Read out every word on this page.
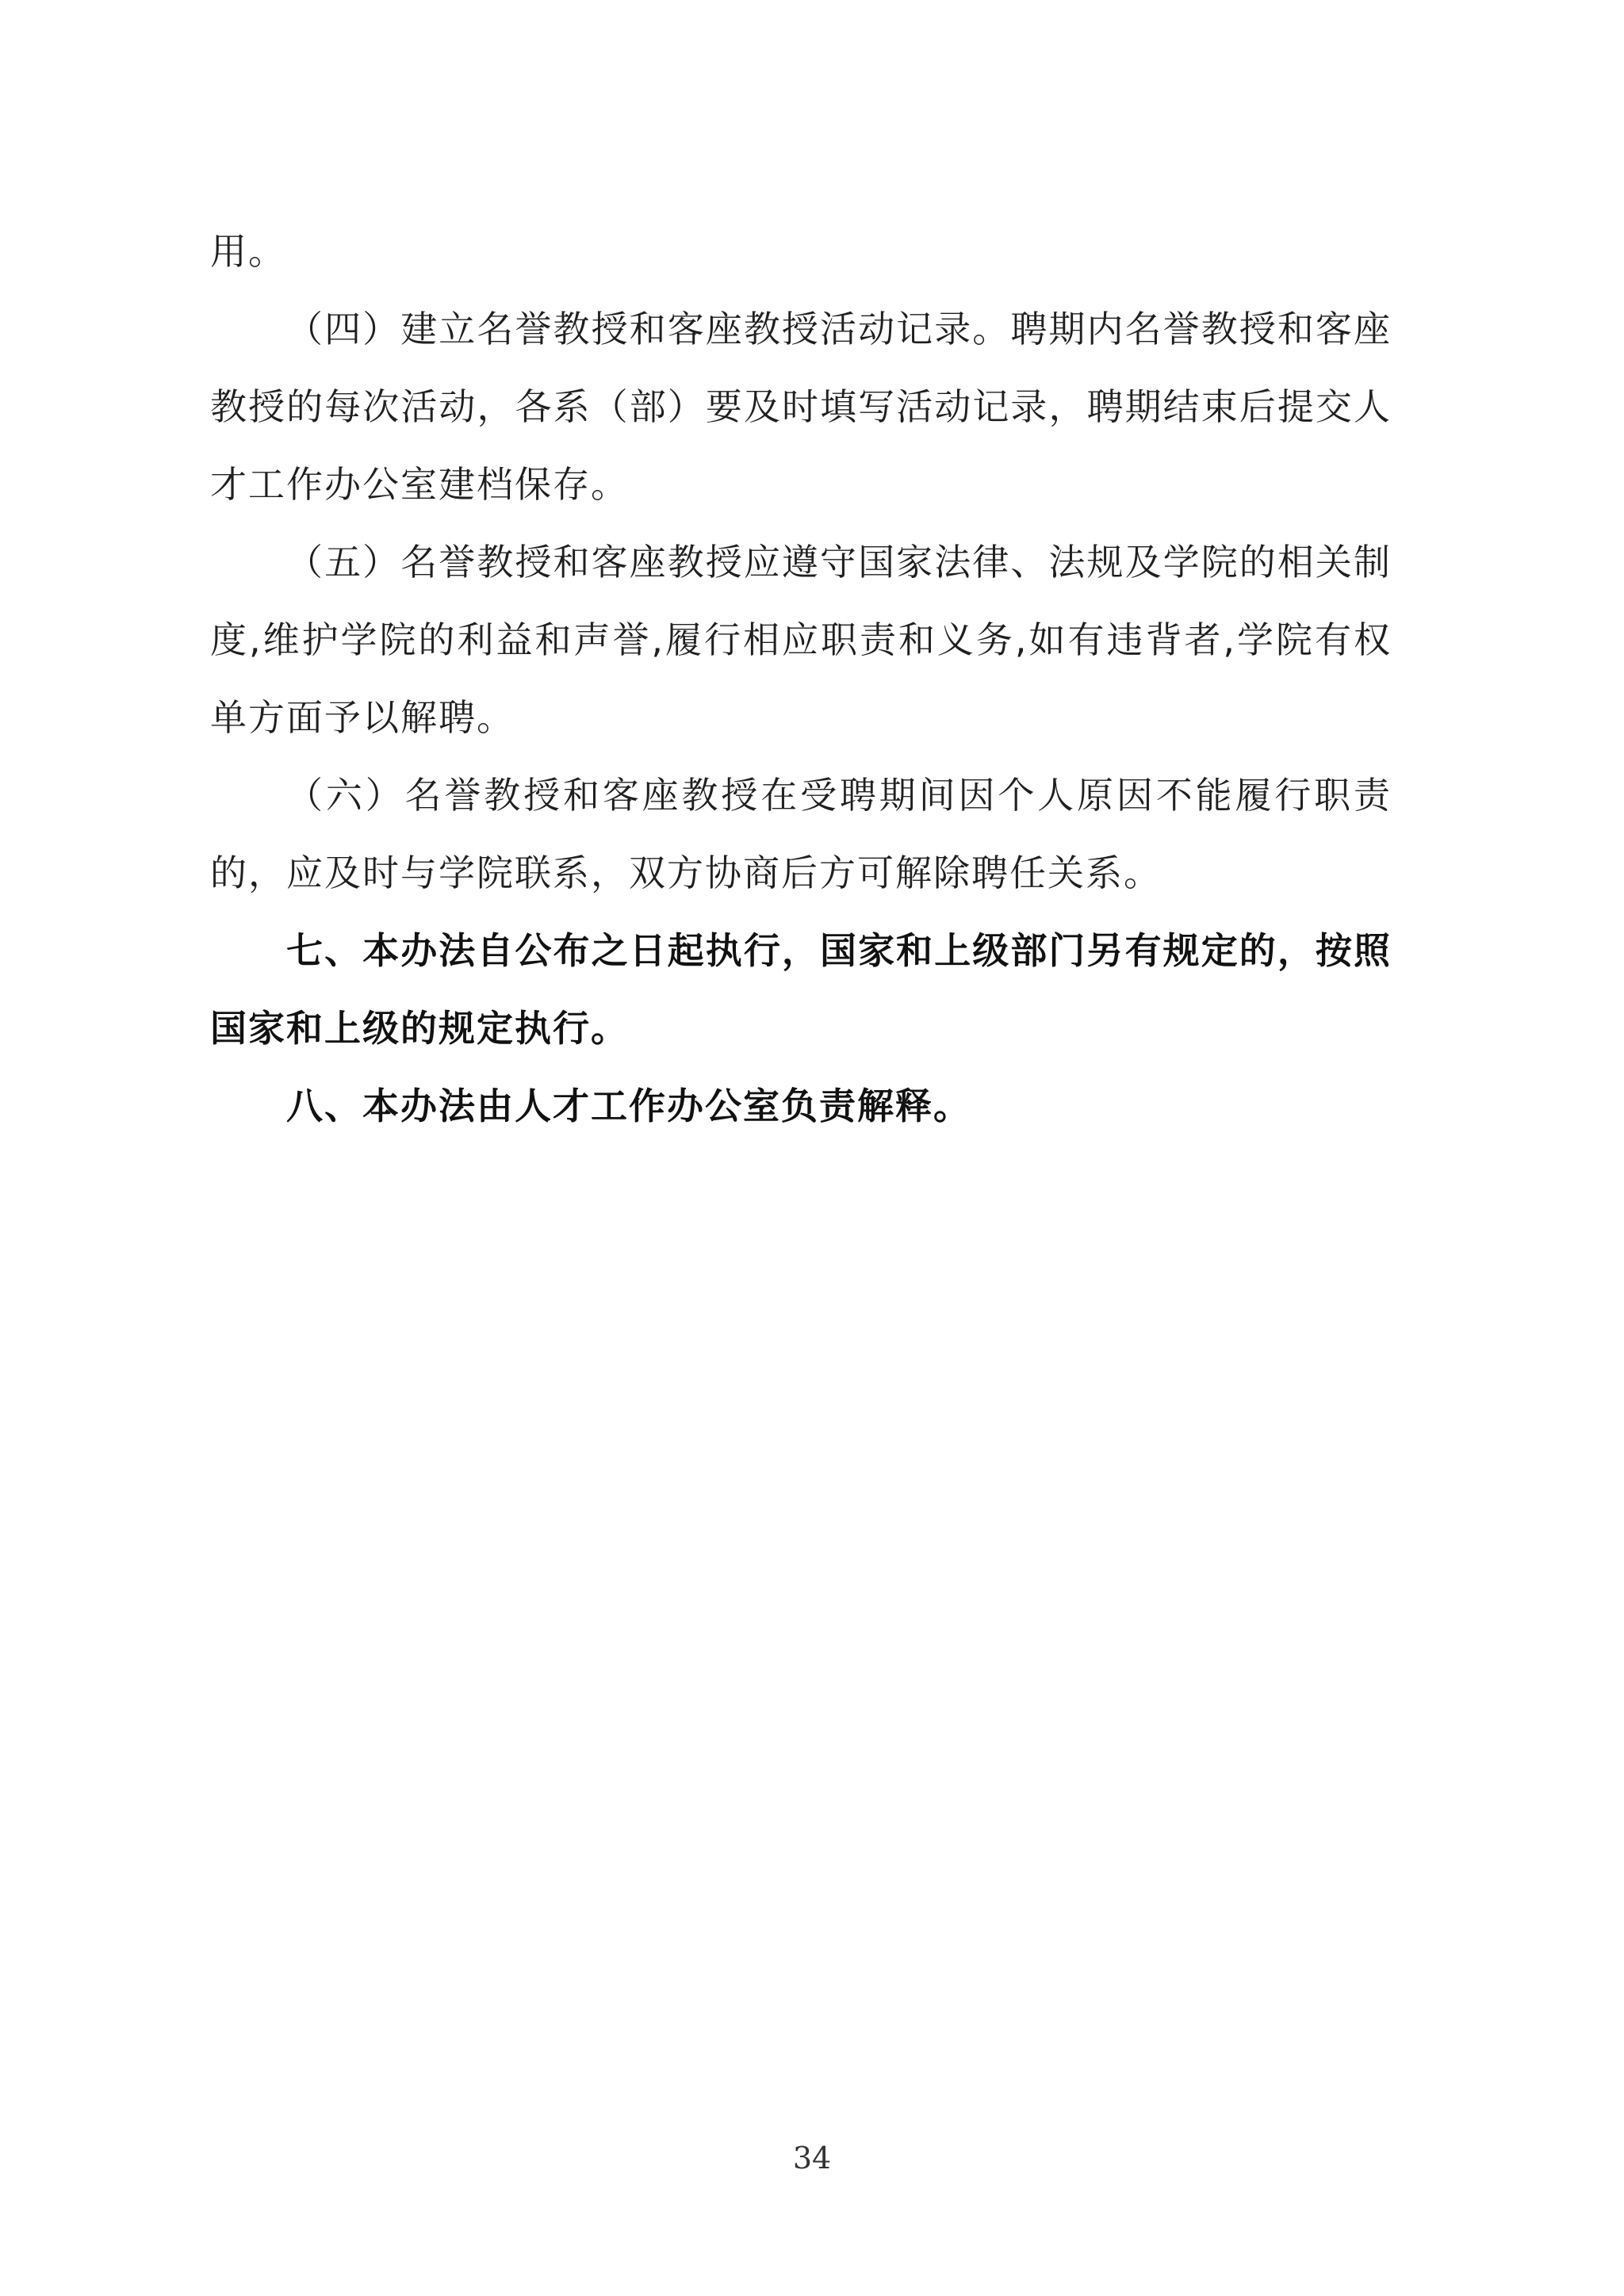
用。

（四）建立名誉教授和客座教授活动记录。聘期内名誉教授和客座教授的每次活动，各系（部）要及时填写活动记录，聘期结束后提交人才工作办公室建档保存。

（五）名誉教授和客座教授应遵守国家法律、法规及学院的相关制度,维护学院的利益和声誉,履行相应职责和义务,如有违背者,学院有权单方面予以解聘。

（六）名誉教授和客座教授在受聘期间因个人原因不能履行职责的，应及时与学院联系，双方协商后方可解除聘任关系。

七、本办法自公布之日起执行，国家和上级部门另有规定的，按照国家和上级的规定执行。

八、本办法由人才工作办公室负责解释。

34
